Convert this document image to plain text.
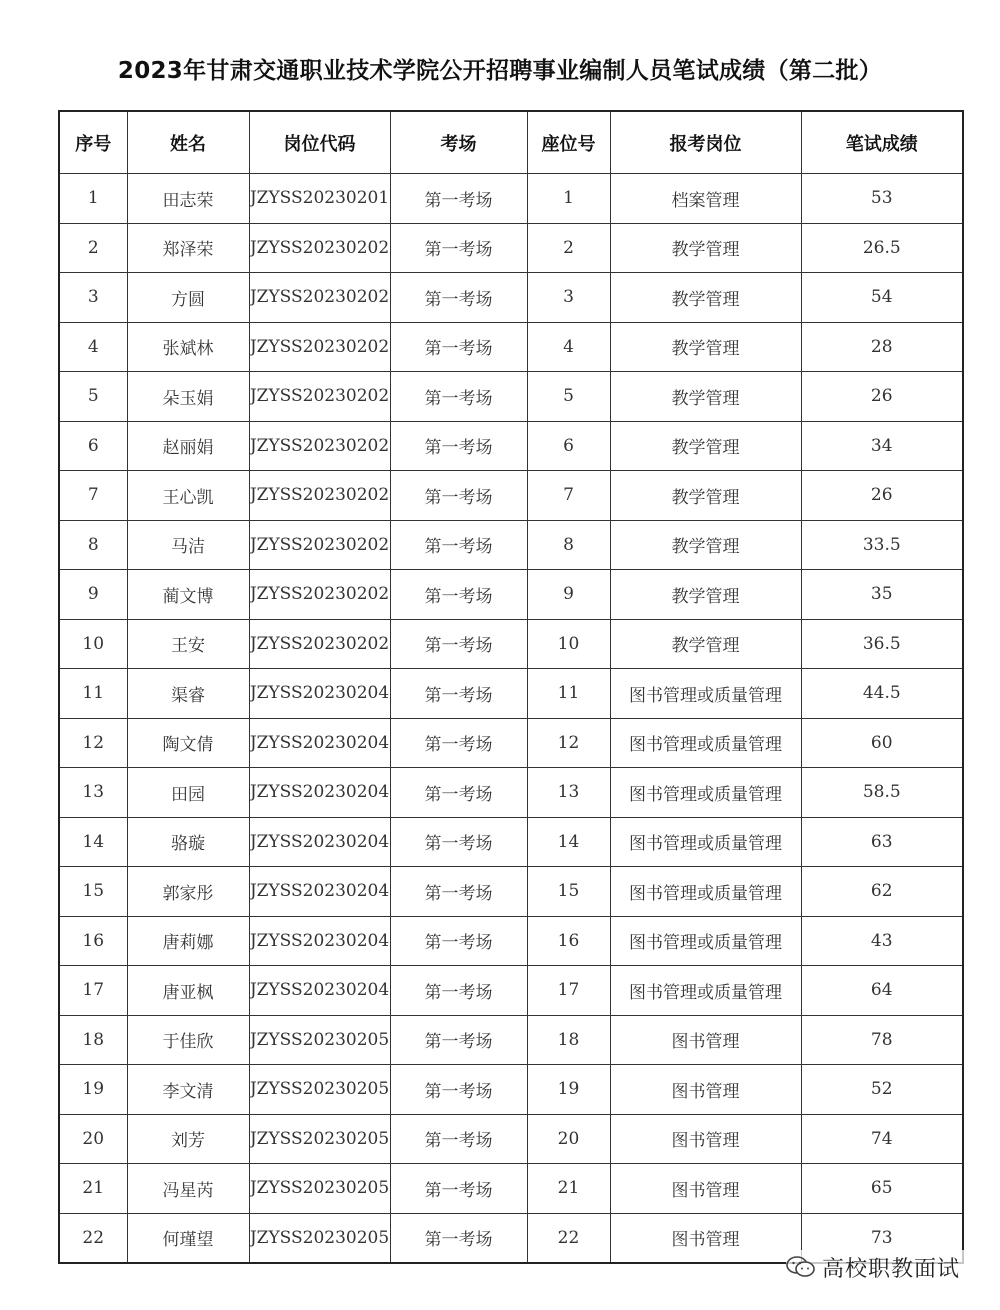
2023年甘肃交通职业技术学院公开招聘事业编制人员笔试成绩（第二批）
序号	姓名	岗位代码	考场	座位号	报考岗位	笔试成绩
1	田志荣	JZYSS20230201	第一考场	1	档案管理	53
2	郑泽荣	JZYSS20230202	第一考场	2	教学管理	26.5
3	方圆	JZYSS20230202	第一考场	3	教学管理	54
4	张斌林	JZYSS20230202	第一考场	4	教学管理	28
5	朵玉娟	JZYSS20230202	第一考场	5	教学管理	26
6	赵丽娟	JZYSS20230202	第一考场	6	教学管理	34
7	王心凯	JZYSS20230202	第一考场	7	教学管理	26
8	马洁	JZYSS20230202	第一考场	8	教学管理	33.5
9	蔺文博	JZYSS20230202	第一考场	9	教学管理	35
10	王安	JZYSS20230202	第一考场	10	教学管理	36.5
11	渠睿	JZYSS20230204	第一考场	11	图书管理或质量管理	44.5
12	陶文倩	JZYSS20230204	第一考场	12	图书管理或质量管理	60
13	田园	JZYSS20230204	第一考场	13	图书管理或质量管理	58.5
14	骆璇	JZYSS20230204	第一考场	14	图书管理或质量管理	63
15	郭家彤	JZYSS20230204	第一考场	15	图书管理或质量管理	62
16	唐莉娜	JZYSS20230204	第一考场	16	图书管理或质量管理	43
17	唐亚枫	JZYSS20230204	第一考场	17	图书管理或质量管理	64
18	于佳欣	JZYSS20230205	第一考场	18	图书管理	78
19	李文清	JZYSS20230205	第一考场	19	图书管理	52
20	刘芳	JZYSS20230205	第一考场	20	图书管理	74
21	冯星芮	JZYSS20230205	第一考场	21	图书管理	65
22	何瑾望	JZYSS20230205	第一考场	22	图书管理	73
高校职教面试
